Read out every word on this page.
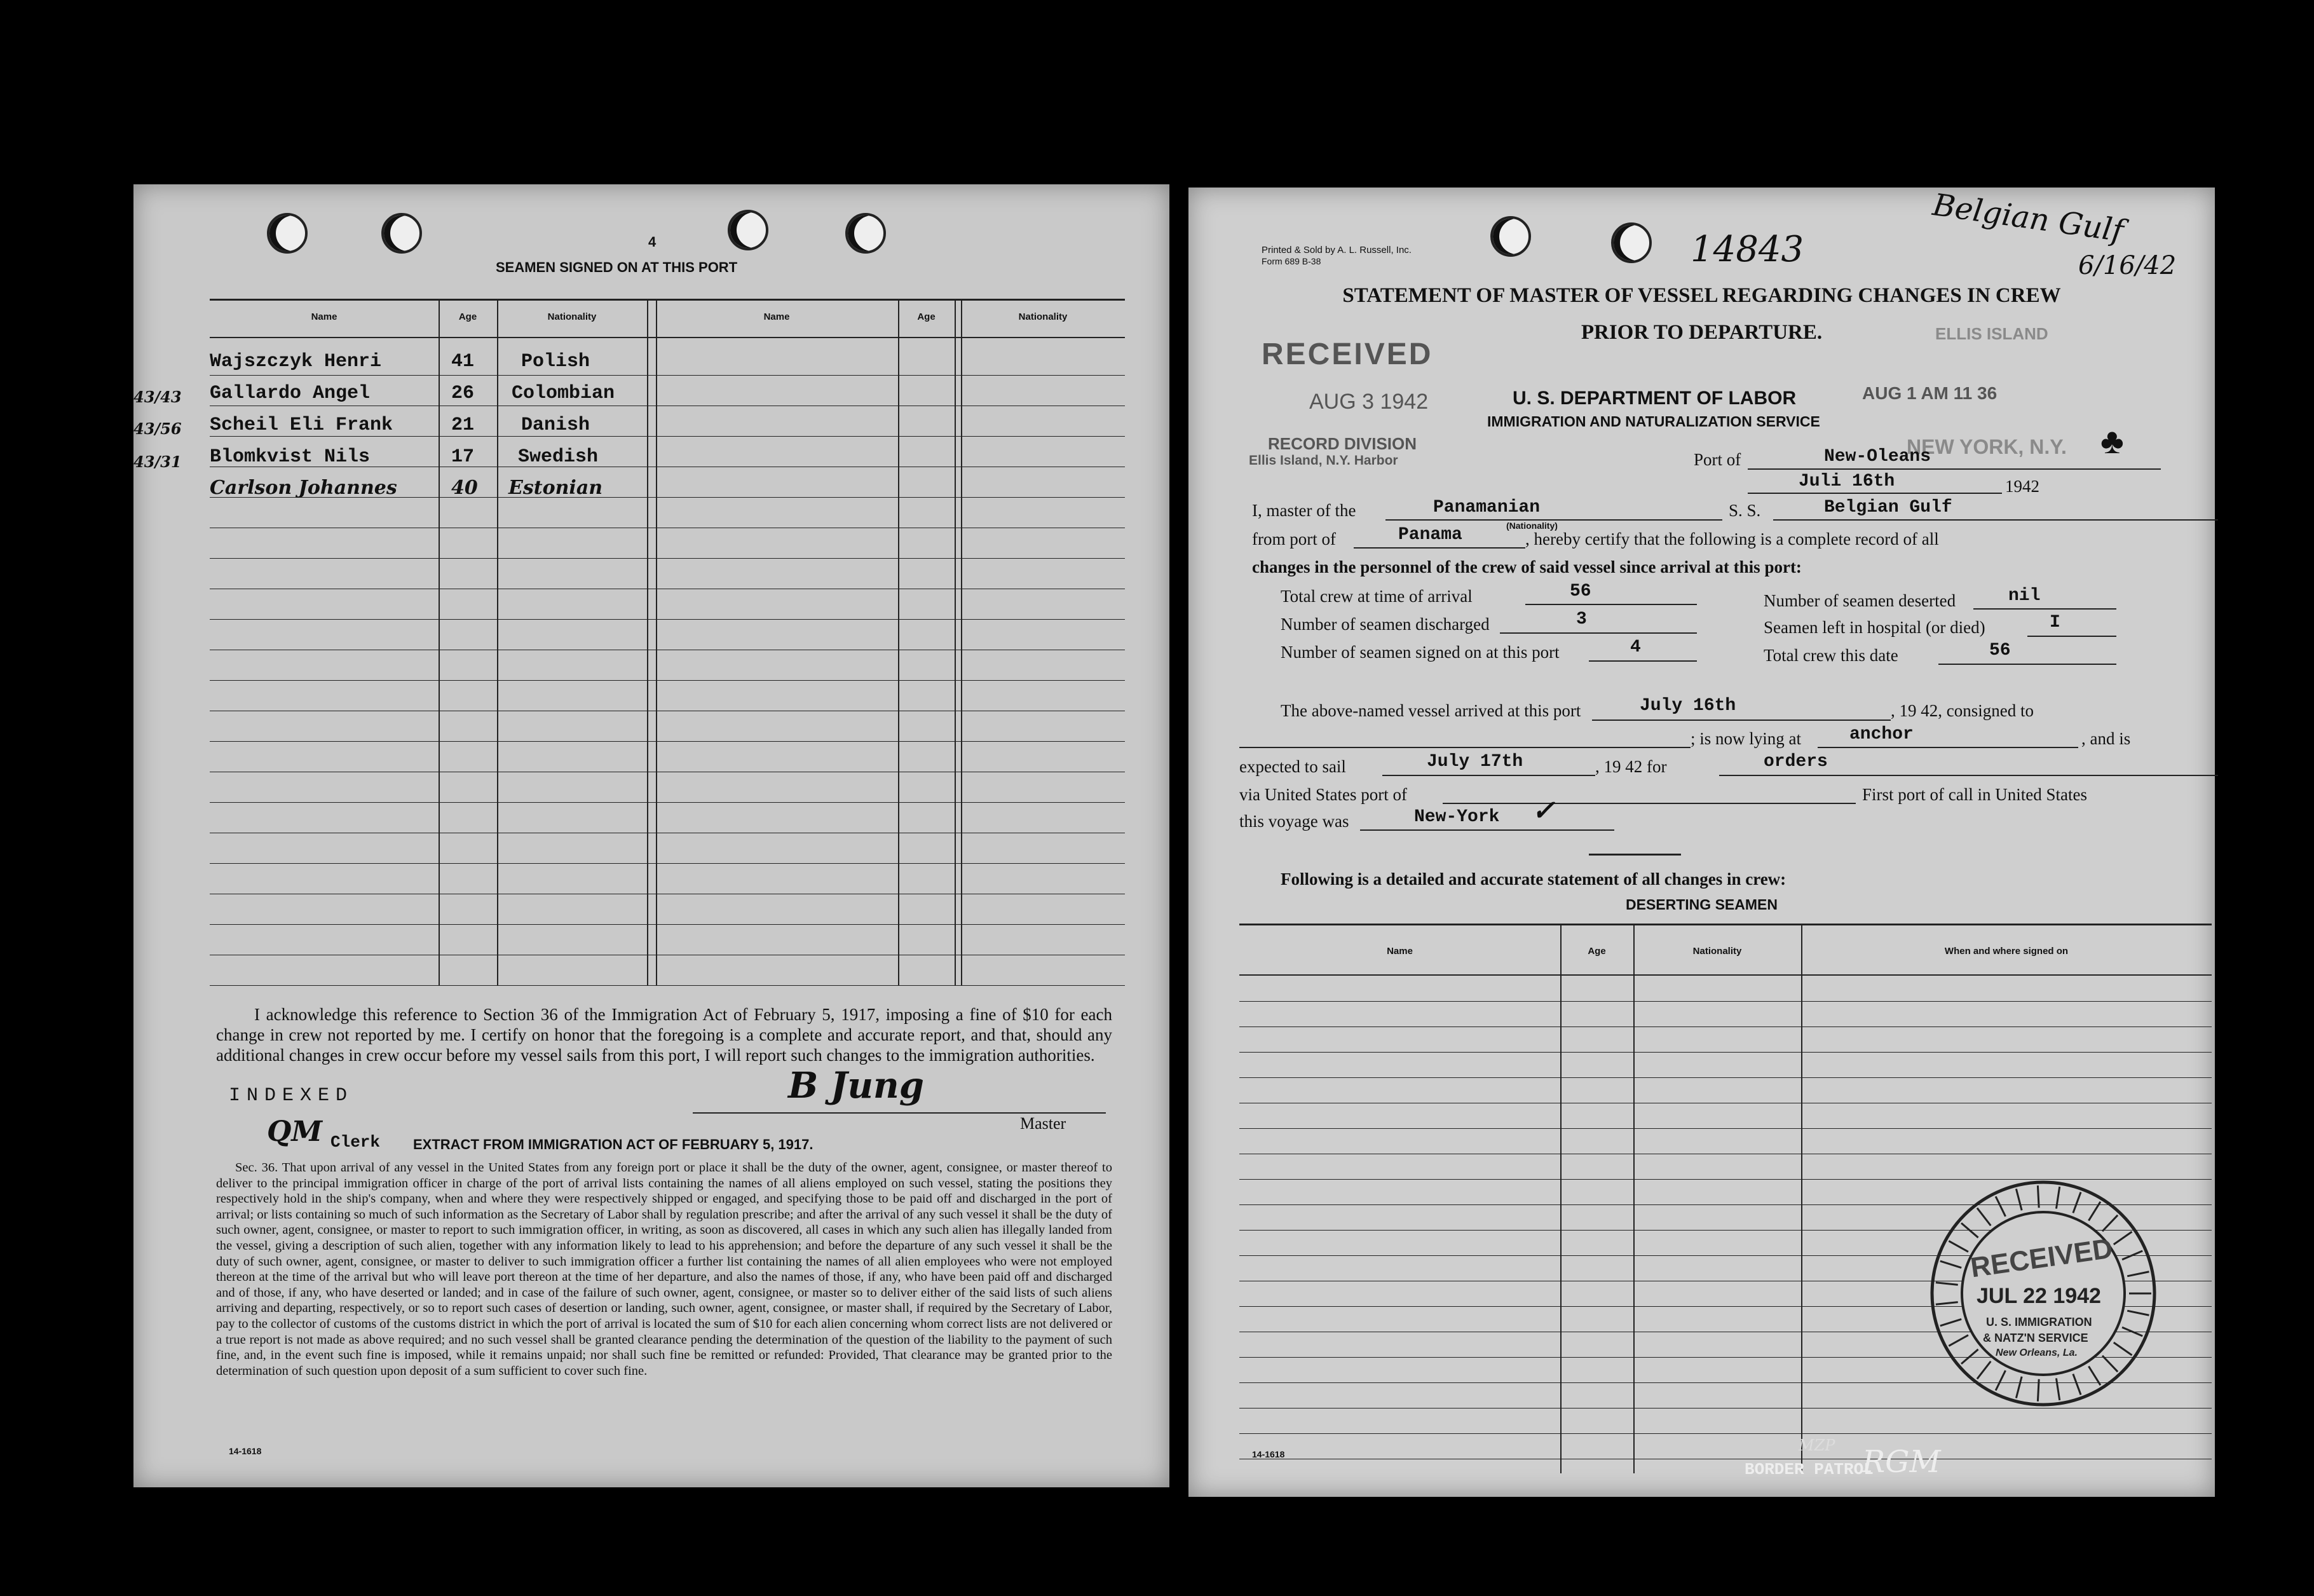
4
SEAMEN SIGNED ON AT THIS PORT
Name	Age	Nationality	Name	Age	Nationality
Wajszczyk Henri	41 Polish
Gallardo Angel	26 Colombian
Scheil Eli Frank	21 Danish
Blomkvist Nils	17 Swedish
Carlson Johannes	40 Estonian
43/43
43/56
43/31
I acknowledge this reference to Section 36 of the Immigration Act of February 5, 1917, imposing a fine of $10 for each change in crew not reported by me. I certify on honor that the foregoing is a complete and accurate report, and that, should any additional changes in crew occur before my vessel sails from this port, I will report such changes to the immigration authorities.
INDEXED	B Jung
Master
QM Clerk EXTRACT FROM IMMIGRATION ACT OF FEBRUARY 5, 1917.
Sec. 36. That upon arrival of any vessel in the United States from any foreign port or place it shall be the duty of the owner, agent, consignee, or master thereof to deliver to the principal immigration officer in charge of the port of arrival lists containing the names of all aliens employed on such vessel, stating the positions they respectively hold in the ship's company, when and where they were respectively shipped or engaged, and specifying those to be paid off and discharged in the port of arrival; or lists containing so much of such information as the Secretary of Labor shall by regulation prescribe; and after the arrival of any such vessel it shall be the duty of such owner, agent, consignee, or master to report to such immigration officer, in writing, as soon as discovered, all cases in which any such alien has illegally landed from the vessel, giving a description of such alien, together with any information likely to lead to his apprehension; and before the departure of any such vessel it shall be the duty of such owner, agent, consignee, or master to deliver to such immigration officer a further list containing the names of all alien employees who were not employed thereon at the time of the arrival but who will leave port thereon at the time of her departure, and also the names of those, if any, who have been paid off and discharged and of those, if any, who have deserted or landed; and in case of the failure of such owner, agent, consignee, or master so to deliver either of the said lists of such aliens arriving and departing, respectively, or so to report such cases of desertion or landing, such owner, agent, consignee, or master shall, if required by the Secretary of Labor, pay to the collector of customs of the customs district in which the port of arrival is located the sum of $10 for each alien concerning whom correct lists are not delivered or a true report is not made as above required; and no such vessel shall be granted clearance pending the determination of the question of the liability to the payment of such fine, and, in the event such fine is imposed, while it remains unpaid; nor shall such fine be remitted or refunded: Provided, That clearance may be granted prior to the determination of such question upon deposit of a sum sufficient to cover such fine.
14-1618
Printed & Sold by A. L. Russell, Inc.
Form 689 B-38	14843
Belgian Gulf
6/16/42
STATEMENT OF MASTER OF VESSEL REGARDING CHANGES IN CREW
PRIOR TO DEPARTURE.
RECEIVED
AUG 3 1942
RECORD DIVISION
Ellis Island, N.Y. Harbor
ELLIS ISLAND
AUG 1 AM 11 36
NEW YORK, N.Y. ♣
U. S. DEPARTMENT OF LABOR
IMMIGRATION AND NATURALIZATION SERVICE
Port of	New-Oleans
Juli 16th	1942
I, master of the	Panamanian
(Nationality)
S. S.	Belgian Gulf
from port of	Panama	, hereby certify that the following is a complete record of all
changes in the personnel of the crew of said vessel since arrival at this port:
Total crew at time of arrival	56
Number of seamen discharged	3
Number of seamen signed on at this port	4
Number of seamen deserted	nil
Seamen left in hospital (or died)	I
Total crew this date	56
The above-named vessel arrived at this port	July 16th	, 19 42, consigned to
; is now lying at	anchor	, and is
expected to sail	July 17th	, 19 42 for	orders
via United States port of	First port of call in United States
this voyage was	New-York ✓
Following is a detailed and accurate statement of all changes in crew:
DESERTING SEAMEN
Name	Age	Nationality	When and where signed on
RECEIVED
JUL 22 1942
U. S. IMMIGRATION
& NATZ'N SERVICE
New Orleans, La.
14-1618
BORDER PATROL
RGM
MZP
